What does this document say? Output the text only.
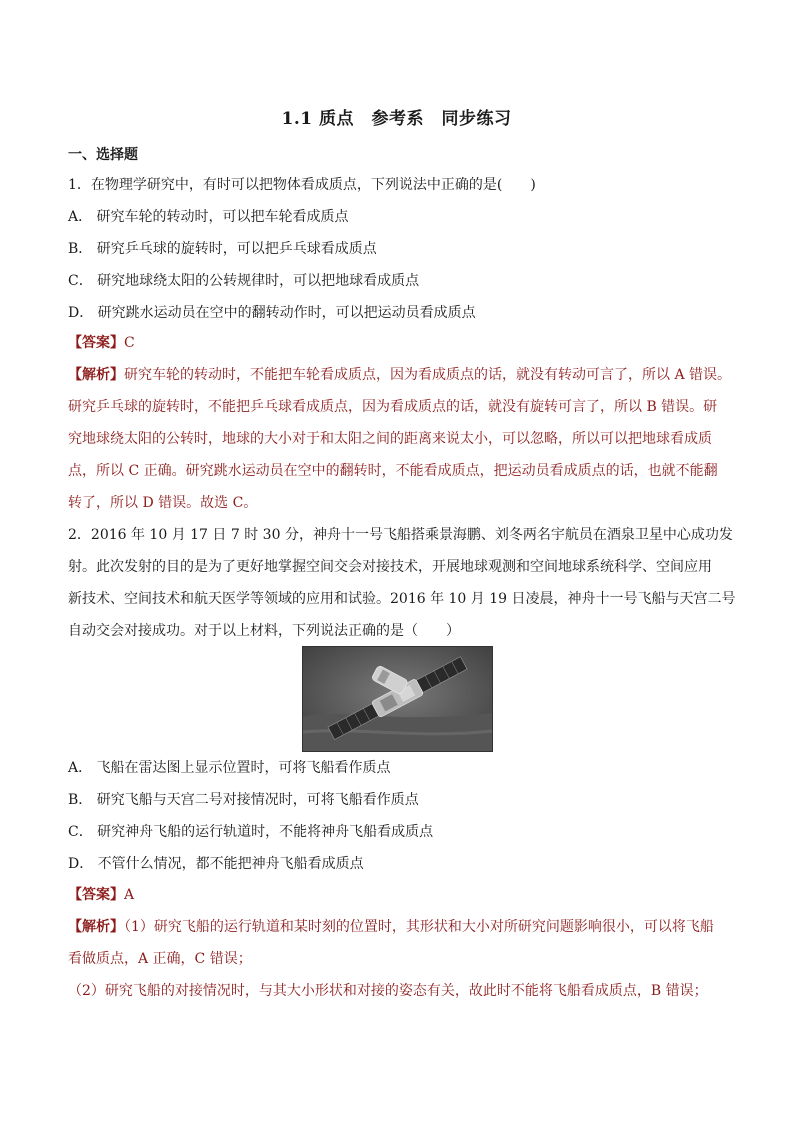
1.1 质点　参考系　同步练习
一、选择题
1．在物理学研究中，有时可以把物体看成质点，下列说法中正确的是(　　)
A． 研究车轮的转动时，可以把车轮看成质点
B． 研究乒乓球的旋转时，可以把乒乓球看成质点
C． 研究地球绕太阳的公转规律时，可以把地球看成质点
D． 研究跳水运动员在空中的翻转动作时，可以把运动员看成质点
【答案】C
【解析】研究车轮的转动时，不能把车轮看成质点，因为看成质点的话，就没有转动可言了，所以 A 错误。
研究乒乓球的旋转时，不能把乒乓球看成质点，因为看成质点的话，就没有旋转可言了，所以 B 错误。研
究地球绕太阳的公转时，地球的大小对于和太阳之间的距离来说太小，可以忽略，所以可以把地球看成质
点，所以 C 正确。研究跳水运动员在空中的翻转时，不能看成质点，把运动员看成质点的话，也就不能翻
转了，所以 D 错误。故选 C。
2．2016 年 10 月 17 日 7 时 30 分，神舟十一号飞船搭乘景海鹏、刘冬两名宇航员在酒泉卫星中心成功发
射。此次发射的目的是为了更好地掌握空间交会对接技术，开展地球观测和空间地球系统科学、空间应用
新技术、空间技术和航天医学等领域的应用和试验。2016 年 10 月 19 日凌晨，神舟十一号飞船与天宫二号
自动交会对接成功。对于以上材料，下列说法正确的是（　　）
A． 飞船在雷达图上显示位置时，可将飞船看作质点
B． 研究飞船与天宫二号对接情况时，可将飞船看作质点
C． 研究神舟飞船的运行轨道时，不能将神舟飞船看成质点
D． 不管什么情况，都不能把神舟飞船看成质点
【答案】A
【解析】（1）研究飞船的运行轨道和某时刻的位置时，其形状和大小对所研究问题影响很小，可以将飞船
看做质点，A 正确，C 错误；
（2）研究飞船的对接情况时，与其大小形状和对接的姿态有关，故此时不能将飞船看成质点，B 错误；
